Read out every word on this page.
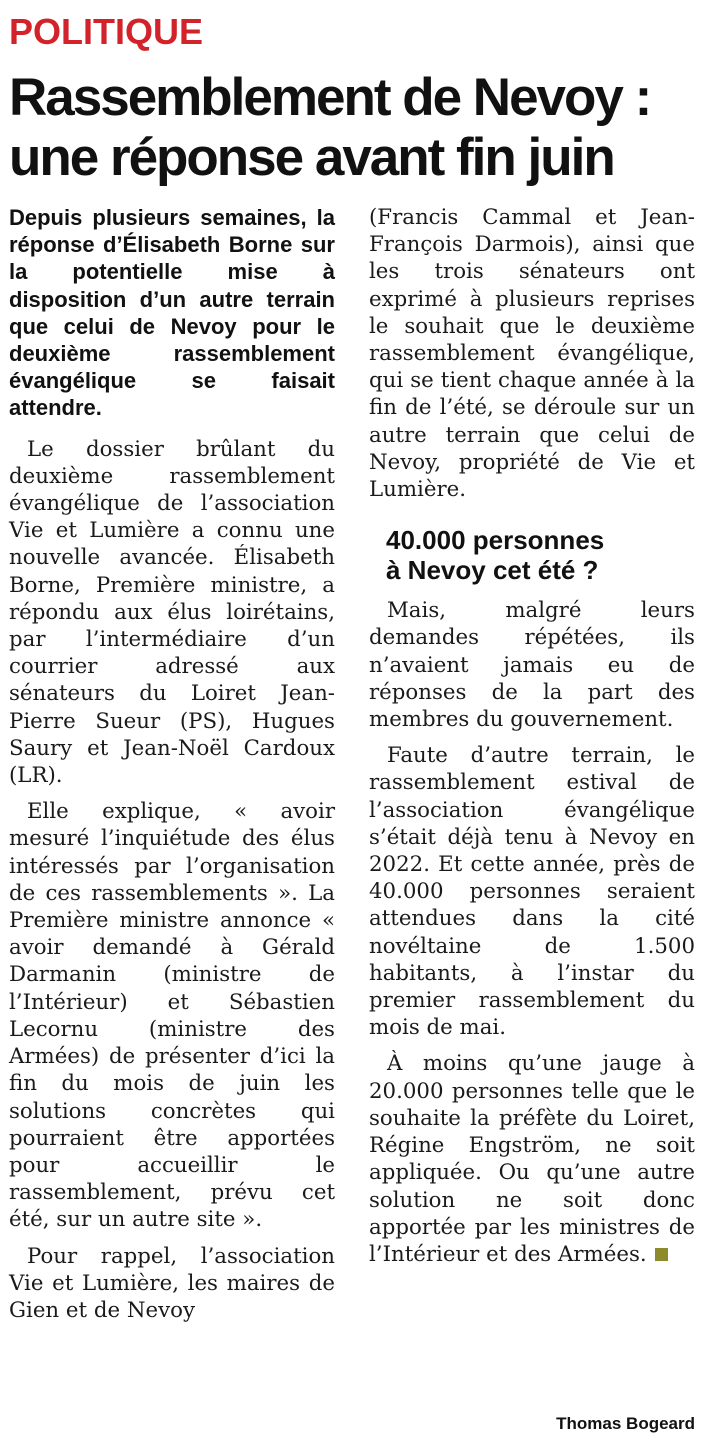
POLITIQUE
Rassemblement de Nevoy :
une réponse avant fin juin

Depuis plusieurs semaines, la réponse d’Élisabeth Borne sur la potentielle mise à disposition d’un autre terrain que celui de Nevoy pour le deuxième rassemblement évangélique se faisait attendre.

Le dossier brûlant du deuxième rassemblement évangélique de l’association Vie et Lumière a connu une nouvelle avancée. Élisabeth Borne, Première ministre, a répondu aux élus loirétains, par l’intermédiaire d’un courrier adressé aux sénateurs du Loiret Jean-Pierre Sueur (PS), Hugues Saury et Jean-Noël Cardoux (LR).

Elle explique, « avoir mesuré l’inquiétude des élus intéressés par l’organisation de ces rassemblements ». La Première ministre annonce « avoir demandé à Gérald Darmanin (ministre de l’Intérieur) et Sébastien Lecornu (ministre des Armées) de présenter d’ici la fin du mois de juin les solutions concrètes qui pourraient être apportées pour accueillir le rassemblement, prévu cet été, sur un autre site ».

Pour rappel, l’association Vie et Lumière, les maires de Gien et de Nevoy

(Francis Cammal et Jean-François Darmois), ainsi que les trois sénateurs ont exprimé à plusieurs reprises le souhait que le deuxième rassemblement évangélique, qui se tient chaque année à la fin de l’été, se déroule sur un autre terrain que celui de Nevoy, propriété de Vie et Lumière.

40.000 personnes
à Nevoy cet été ?

Mais, malgré leurs demandes répétées, ils n’avaient jamais eu de réponses de la part des membres du gouvernement.

Faute d’autre terrain, le rassemblement estival de l’association évangélique s’était déjà tenu à Nevoy en 2022. Et cette année, près de 40.000 personnes seraient attendues dans la cité novéltaine de 1.500 habitants, à l’instar du premier rassemblement du mois de mai.

À moins qu’une jauge à 20.000 personnes telle que le souhaite la préfète du Loiret, Régine Engström, ne soit appliquée. Ou qu’une autre solution ne soit donc apportée par les ministres de l’Intérieur et des Armées.

Thomas Bogeard
